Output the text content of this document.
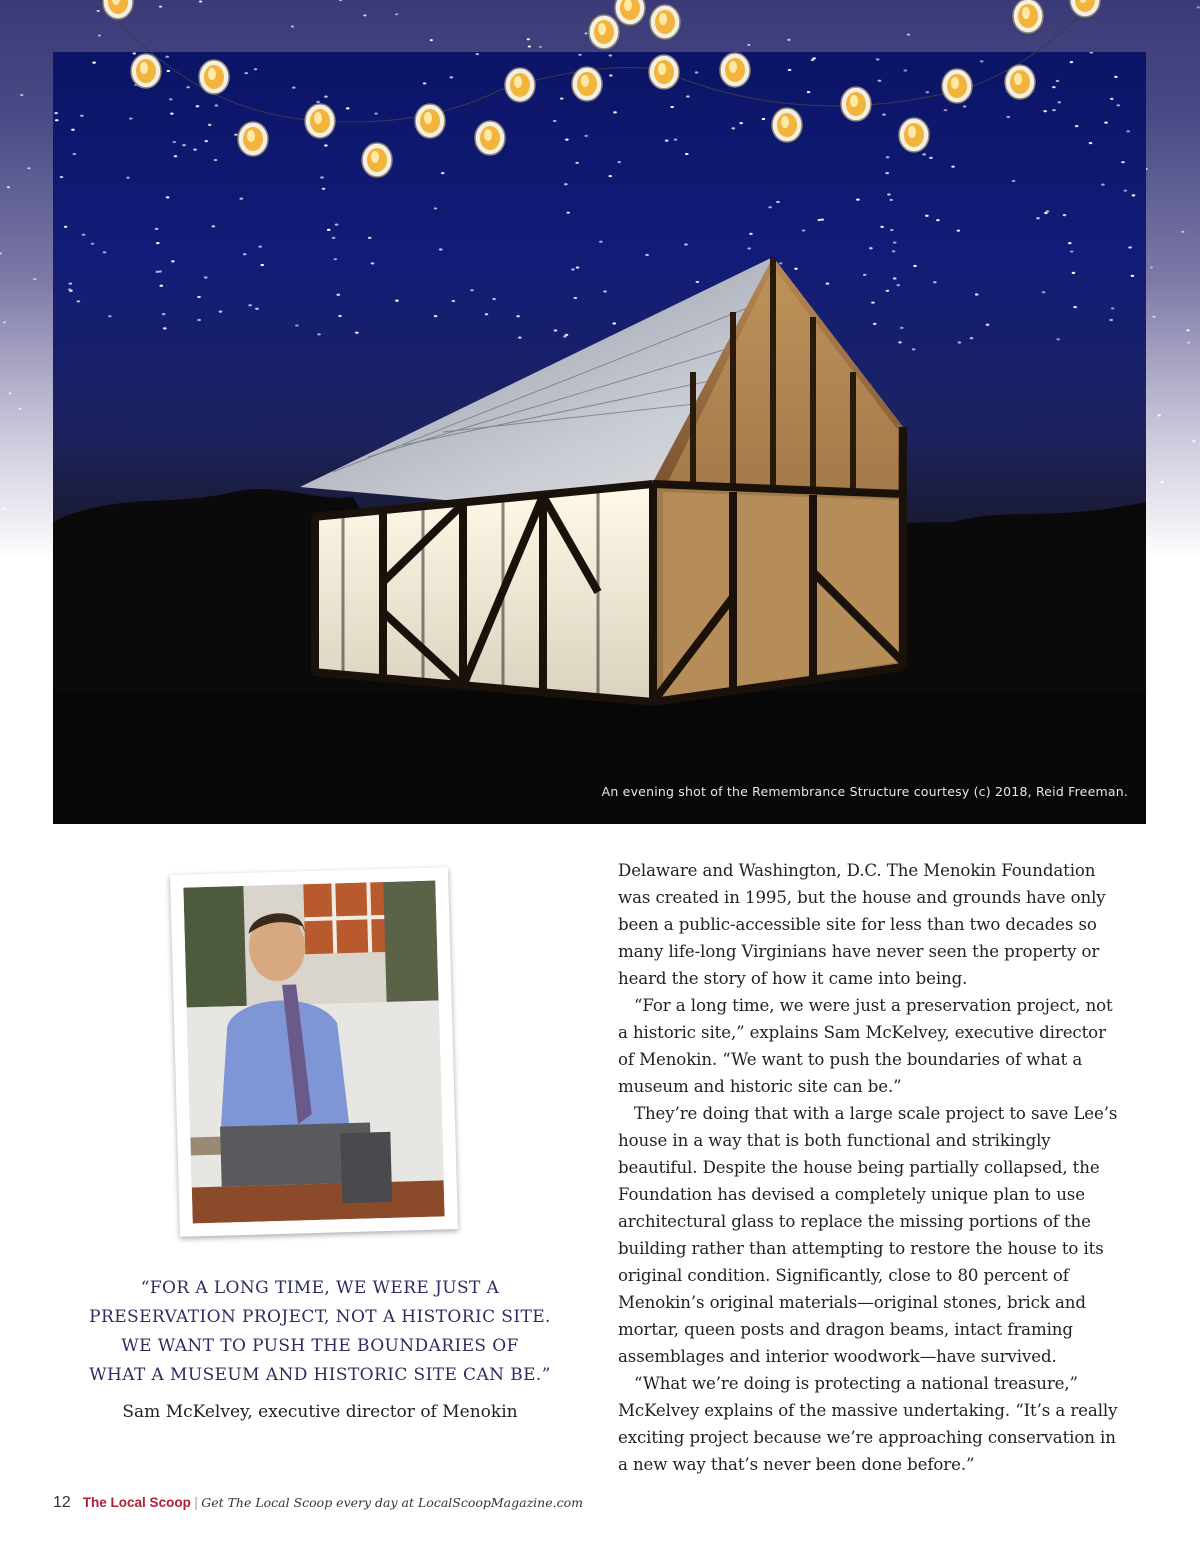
An evening shot of the Remembrance Structure courtesy (c) 2018, Reid Freeman.
“FOR A LONG TIME, WE WERE JUST A
PRESERVATION PROJECT, NOT A HISTORIC SITE.
WE WANT TO PUSH THE BOUNDARIES OF
WHAT A MUSEUM AND HISTORIC SITE CAN BE.”
Sam McKelvey, executive director of Menokin

Delaware and Washington, D.C. The Menokin Foundation was created in 1995, but the house and grounds have only been a public-accessible site for less than two decades so many life-long Virginians have never seen the property or heard the story of how it came into being.

“For a long time, we were just a preservation project, not a historic site,” explains Sam McKelvey, executive director of Menokin. “We want to push the boundaries of what a museum and historic site can be.”

They’re doing that with a large scale project to save Lee’s house in a way that is both functional and strikingly beautiful. Despite the house being partially collapsed, the Foundation has devised a completely unique plan to use architectural glass to replace the missing portions of the building rather than attempting to restore the house to its original condition. Significantly, close to 80 percent of Menokin’s original materials—original stones, brick and mortar, queen posts and dragon beams, intact framing assemblages and interior woodwork—have survived.

“What we’re doing is protecting a national treasure,” McKelvey explains of the massive undertaking. “It’s a really exciting project because we’re approaching conservation in a new way that’s never been done before.”

12 The Local Scoop | Get The Local Scoop every day at LocalScoopMagazine.com
